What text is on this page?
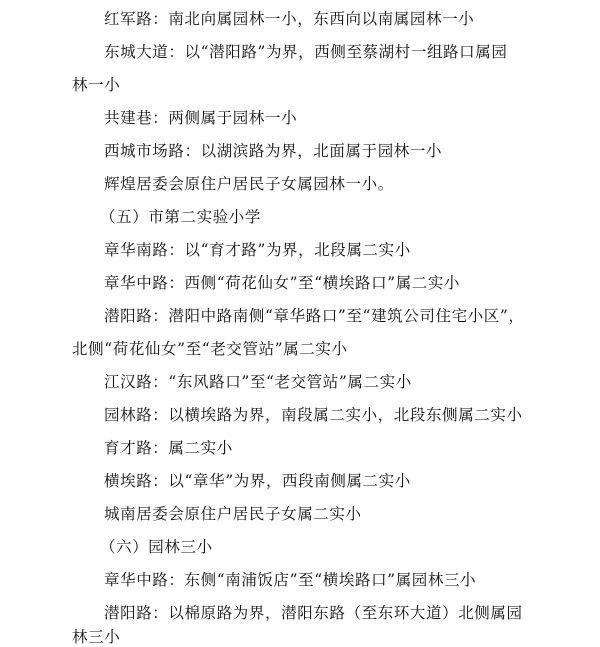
红军路：南北向属园林一小，东西向以南属园林一小
东城大道：以“潜阳路”为界，西侧至蔡湖村一组路口属园
林一小
共建巷：两侧属于园林一小
西城市场路：以湖滨路为界，北面属于园林一小
辉煌居委会原住户居民子女属园林一小。
（五）市第二实验小学
章华南路：以“育才路”为界，北段属二实小
章华中路：西侧“荷花仙女”至“横埃路口”属二实小
潜阳路：潜阳中路南侧“章华路口”至“建筑公司住宅小区”，
北侧“荷花仙女”至“老交管站”属二实小
江汉路：“东风路口”至“老交管站”属二实小
园林路：以横埃路为界，南段属二实小，北段东侧属二实小
育才路：属二实小
横埃路：以“章华”为界，西段南侧属二实小
城南居委会原住户居民子女属二实小
（六）园林三小
章华中路：东侧“南浦饭店”至“横埃路口”属园林三小
潜阳路：以棉原路为界，潜阳东路（至东环大道）北侧属园
林三小
